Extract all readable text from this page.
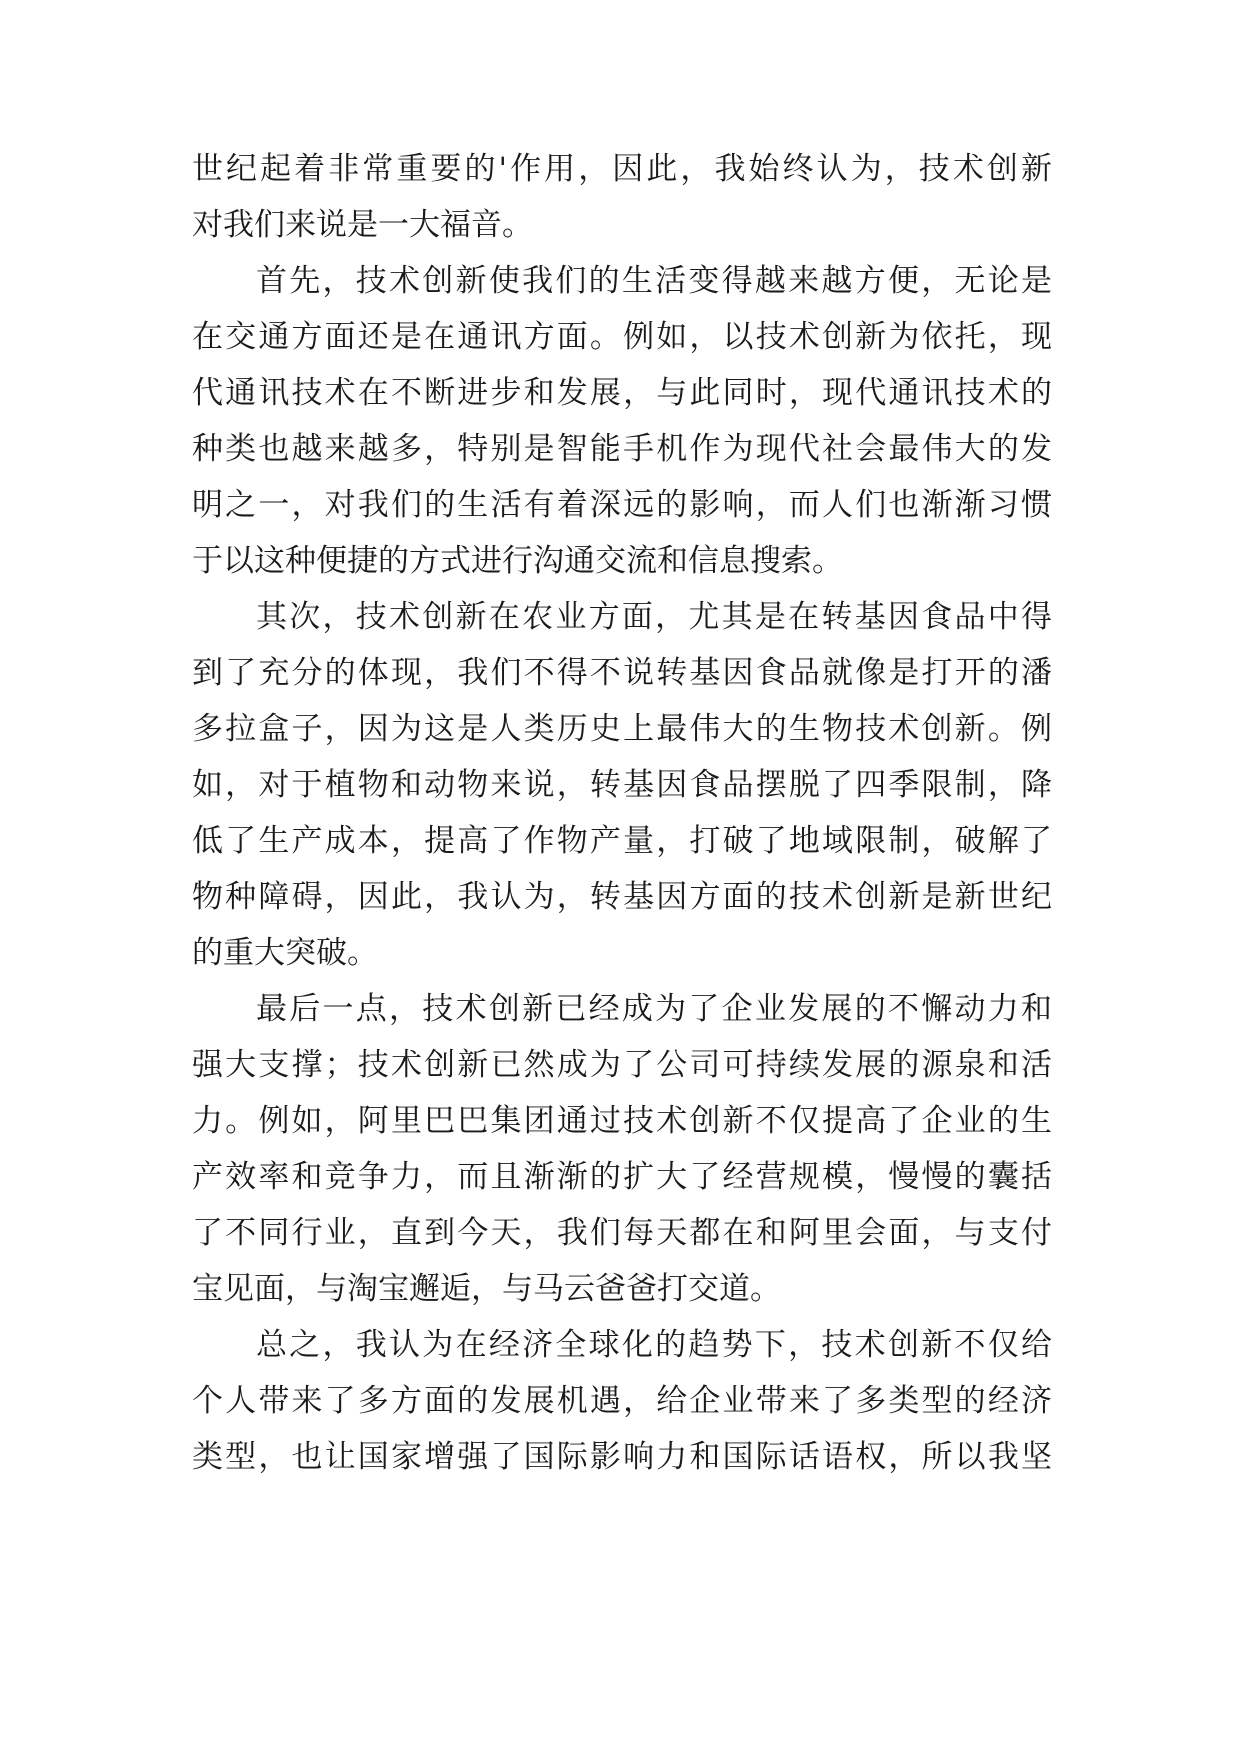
世纪起着非常重要的'作用，因此，我始终认为，技术创新
对我们来说是一大福音。
首先，技术创新使我们的生活变得越来越方便，无论是
在交通方面还是在通讯方面。例如，以技术创新为依托，现
代通讯技术在不断进步和发展，与此同时，现代通讯技术的
种类也越来越多，特别是智能手机作为现代社会最伟大的发
明之一，对我们的生活有着深远的影响，而人们也渐渐习惯
于以这种便捷的方式进行沟通交流和信息搜索。
其次，技术创新在农业方面，尤其是在转基因食品中得
到了充分的体现，我们不得不说转基因食品就像是打开的潘
多拉盒子，因为这是人类历史上最伟大的生物技术创新。例
如，对于植物和动物来说，转基因食品摆脱了四季限制，降
低了生产成本，提高了作物产量，打破了地域限制，破解了
物种障碍，因此，我认为，转基因方面的技术创新是新世纪
的重大突破。
最后一点，技术创新已经成为了企业发展的不懈动力和
强大支撑；技术创新已然成为了公司可持续发展的源泉和活
力。例如，阿里巴巴集团通过技术创新不仅提高了企业的生
产效率和竞争力，而且渐渐的扩大了经营规模，慢慢的囊括
了不同行业，直到今天，我们每天都在和阿里会面，与支付
宝见面，与淘宝邂逅，与马云爸爸打交道。
总之，我认为在经济全球化的趋势下，技术创新不仅给
个人带来了多方面的发展机遇，给企业带来了多类型的经济
类型，也让国家增强了国际影响力和国际话语权，所以我坚
